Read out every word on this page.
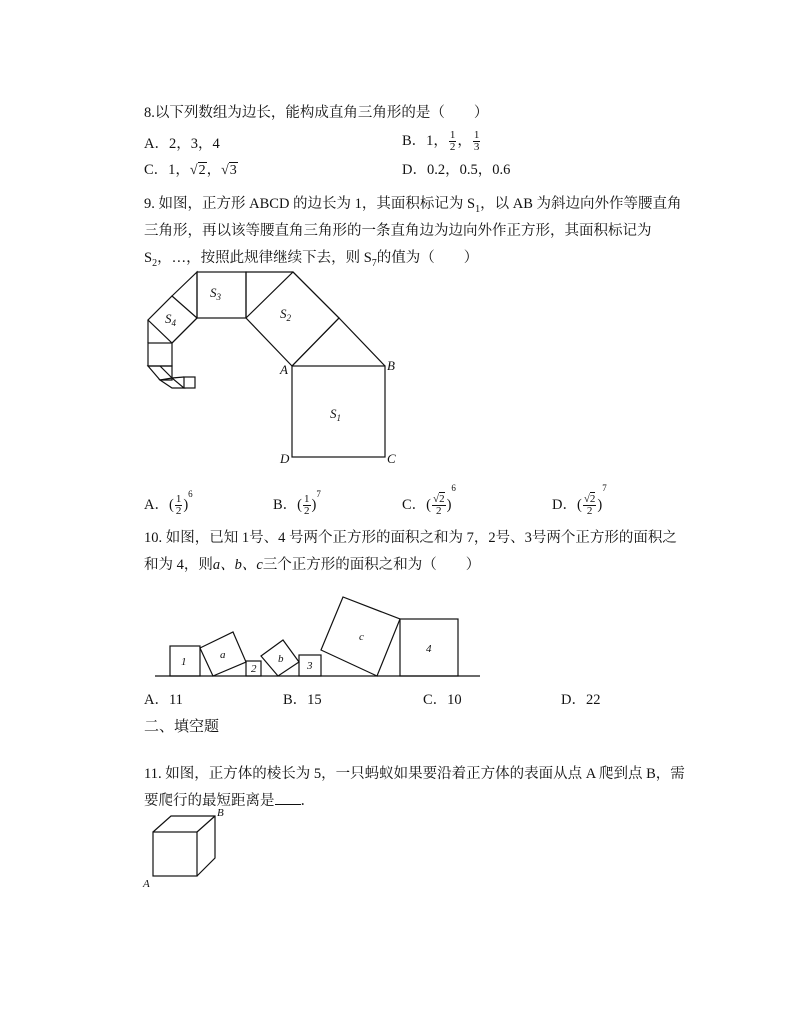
8.以下列数组为边长，能构成直角三角形的是（　　）
A．2，3，4	B．1， $\frac{1}{2}$ ， $\frac{1}{3}$
C．1，√2，√3	D．0.2，0.5，0.6
9. 如图，正方形 ABCD 的边长为 1，其面积标记为 $S_1$，以 AB 为斜边向外作等腰直角
三角形，再以该等腰直角三角形的一条直角边为边向外作正方形，其面积标记为
$S_2$，…，按照此规律继续下去，则 $S_7$的值为（　　）
$S_3$
$S_2$
$S_4$
$S_1$
A	B
C
D
A．( $\frac{1}{2} )^6$
B．( $\frac{1}{2} )^7$
C．( $\frac{√2}{2} )^6$
D．( $\frac{√2}{2} )^7$
10. 如图，已知 1号、4 号两个正方形的面积之和为 7，2号、3号两个正方形的面积之
和为 4，则a、b、c三个正方形的面积之和为（　　）
1
a
2
b
3
c
4
A．11	B．15	C．10	D．22
二、填空题
11. 如图，正方体的棱长为 5，一只蚂蚁如果要沿着正方体的表面从点 A 爬到点 B，需
要爬行的最短距离是 ．
A
B
